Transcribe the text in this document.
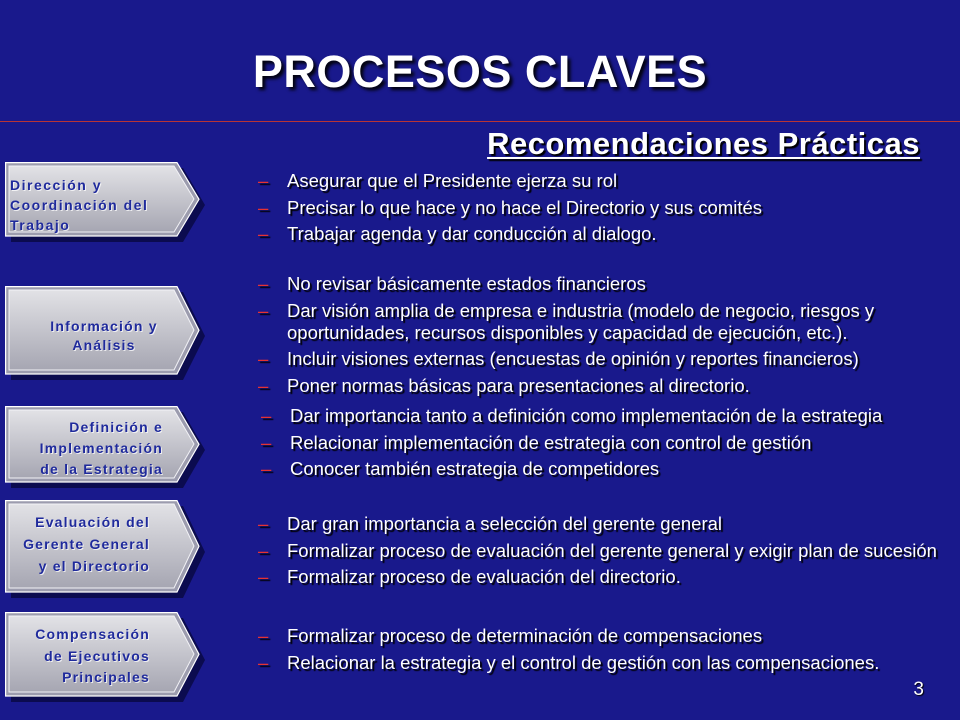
PROCESOS CLAVES
Recomendaciones Prácticas
Dirección y
Coordinación del
Trabajo
Información y
Análisis
Definición e
Implementación
de la Estrategia
Evaluación del
Gerente General
y el Directorio
Compensación
de Ejecutivos
Principales
– Asegurar que el Presidente ejerza su rol
– Precisar lo que hace y no hace el Directorio y sus comités
– Trabajar agenda y dar conducción al dialogo.
– No revisar básicamente estados financieros
– Dar visión amplia de empresa e industria (modelo de negocio, riesgos y oportunidades, recursos disponibles y capacidad de ejecución, etc.).
– Incluir visiones externas (encuestas de opinión y reportes financieros)
– Poner normas básicas para presentaciones al directorio.
– Dar importancia tanto a definición como implementación de la estrategia
– Relacionar implementación de estrategia con control de gestión
– Conocer también estrategia de competidores
– Dar gran importancia a selección del gerente general
– Formalizar proceso de evaluación del gerente general y exigir plan de sucesión
– Formalizar proceso de evaluación del directorio.
– Formalizar proceso de determinación de compensaciones
– Relacionar la estrategia y el control de gestión con las compensaciones.
3
